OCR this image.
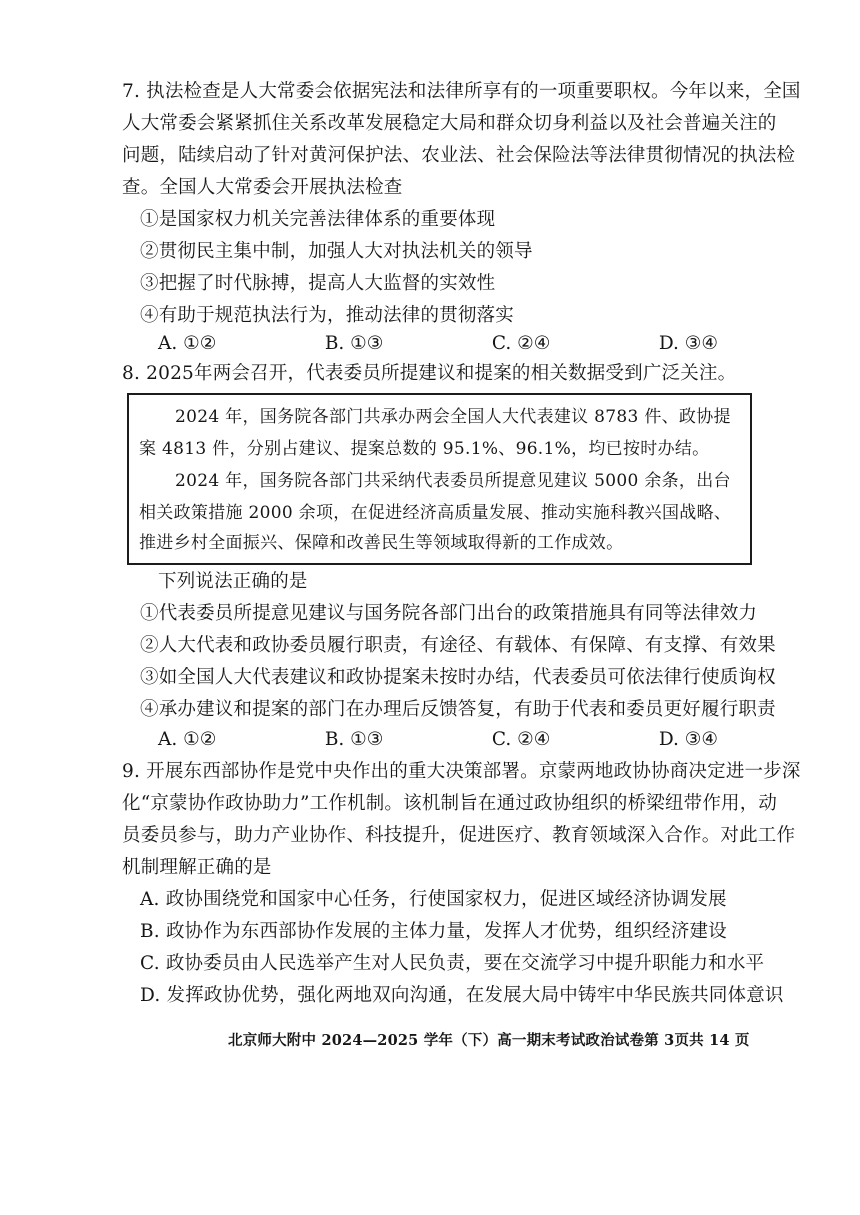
7. 执法检查是人大常委会依据宪法和法律所享有的一项重要职权。今年以来，全国
人大常委会紧紧抓住关系改革发展稳定大局和群众切身利益以及社会普遍关注的
问题，陆续启动了针对黄河保护法、农业法、社会保险法等法律贯彻情况的执法检
查。全国人大常委会开展执法检查
①是国家权力机关完善法律体系的重要体现
②贯彻民主集中制，加强人大对执法机关的领导
③把握了时代脉搏，提高人大监督的实效性
④有助于规范执法行为，推动法律的贯彻落实
A. ①②	B. ①③	C. ②④	D. ③④
8. 2025年两会召开，代表委员所提建议和提案的相关数据受到广泛关注。
2024 年，国务院各部门共承办两会全国人大代表建议 8783 件、政协提
案 4813 件，分别占建议、提案总数的 95.1%、96.1%，均已按时办结。
2024 年，国务院各部门共采纳代表委员所提意见建议 5000 余条，出台
相关政策措施 2000 余项，在促进经济高质量发展、推动实施科教兴国战略、
推进乡村全面振兴、保障和改善民生等领域取得新的工作成效。
下列说法正确的是
①代表委员所提意见建议与国务院各部门出台的政策措施具有同等法律效力
②人大代表和政协委员履行职责，有途径、有载体、有保障、有支撑、有效果
③如全国人大代表建议和政协提案未按时办结，代表委员可依法律行使质询权
④承办建议和提案的部门在办理后反馈答复，有助于代表和委员更好履行职责
A. ①②	B. ①③	C. ②④	D. ③④
9. 开展东西部协作是党中央作出的重大决策部署。京蒙两地政协协商决定进一步深
化“京蒙协作政协助力”工作机制。该机制旨在通过政协组织的桥梁纽带作用，动
员委员参与，助力产业协作、科技提升，促进医疗、教育领域深入合作。对此工作
机制理解正确的是
A. 政协围绕党和国家中心任务，行使国家权力，促进区域经济协调发展
B. 政协作为东西部协作发展的主体力量，发挥人才优势，组织经济建设
C. 政协委员由人民选举产生对人民负责，要在交流学习中提升职能力和水平
D. 发挥政协优势，强化两地双向沟通，在发展大局中铸牢中华民族共同体意识
北京师大附中 2024—2025 学年（下）高一期末考试政治试卷第 3页共 14 页
